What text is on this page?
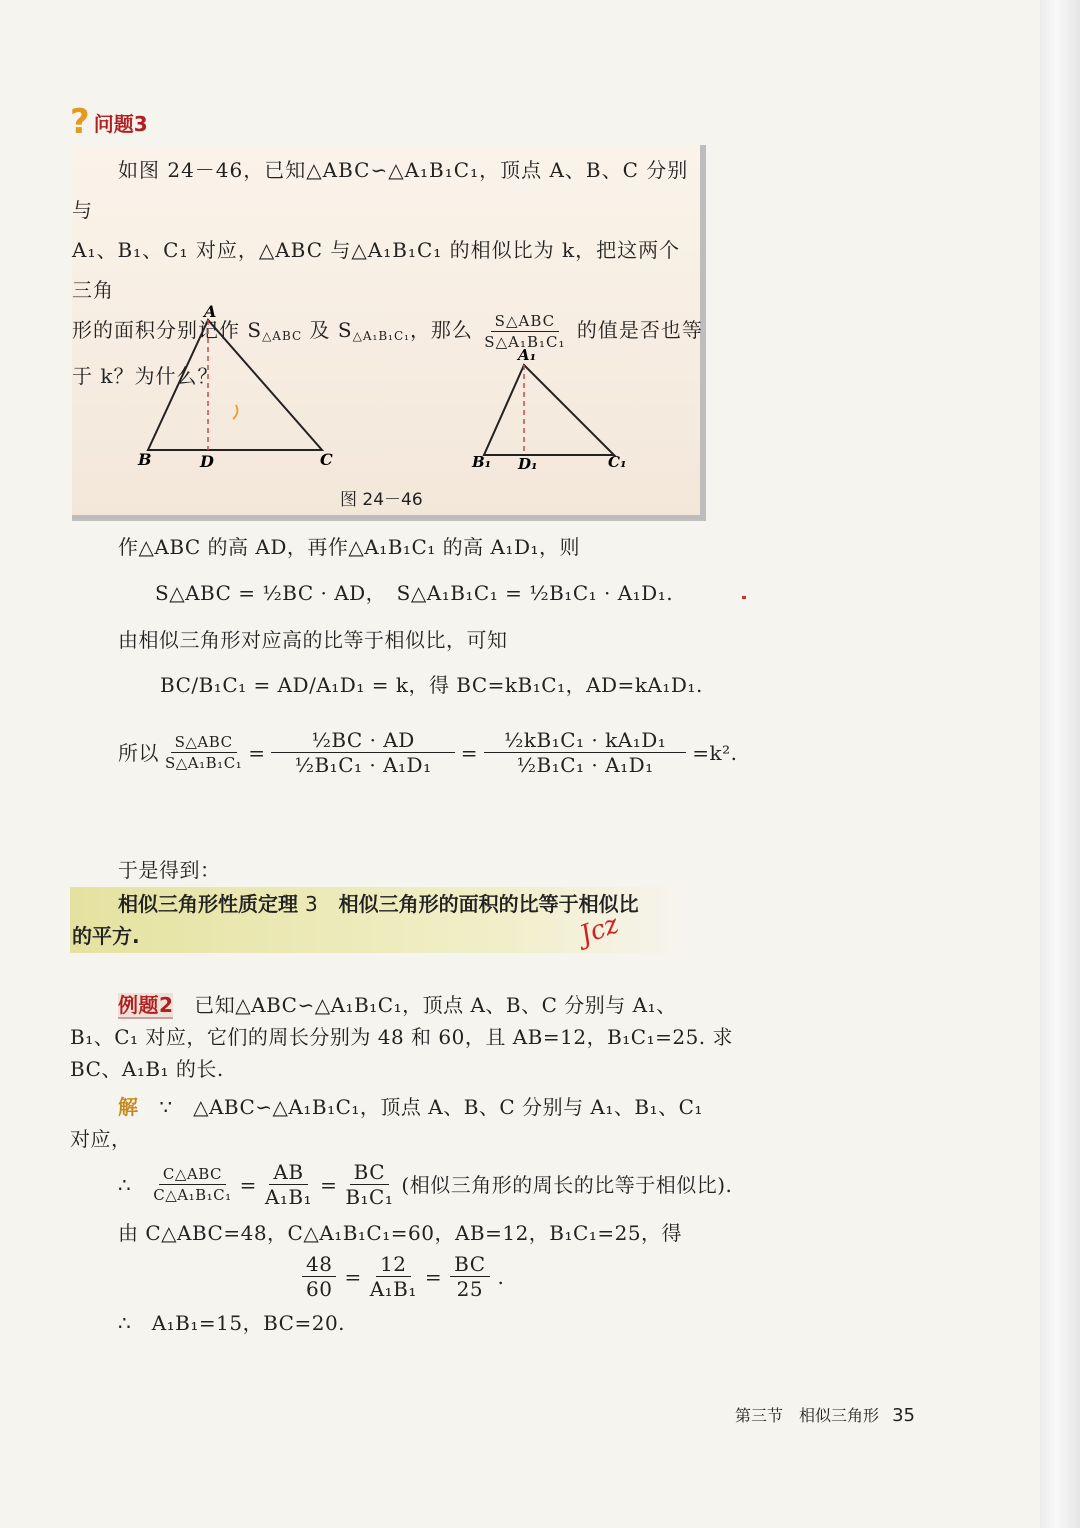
? 问题3
如图 24－46，已知△ABC∽△A₁B₁C₁，顶点 A、B、C 分别与
A₁、B₁、C₁ 对应，△ABC 与△A₁B₁C₁ 的相似比为 k，把这两个三角
形的面积分别记作 $S_{\triangle ABC}$ 及 $S_{\triangle A_1B_1C_1}$，那么 $\frac{\text{S△ABC}}{\text{S△A₁B₁C₁}}$ 的值是否也等
于 k？为什么？
A
B	D	C
A₁
B₁ D₁	C₁
图 24－46
作△ABC 的高 AD，再作△A₁B₁C₁ 的高 A₁D₁，则
S△ABC = ½BC · AD，　S△A₁B₁C₁ = ½B₁C₁ · A₁D₁.
由相似三角形对应高的比等于相似比，可知
BC/B₁C₁ = AD/A₁D₁ = k，得 BC=kB₁C₁，AD=kA₁D₁.
所以 $\frac{\text{S△ABC}}{\text{S△A₁B₁C₁}} = \frac{\text{½BC · AD}}{\text{½B₁C₁ · A₁D₁}} = \frac{\text{½kB₁C₁ · kA₁D₁}}{\text{½B₁C₁ · A₁D₁}} =k^2$.
于是得到：
相似三角形性质定理 3 相似三角形的面积的比等于相似比
的平方.	Jcz
例题2 已知△ABC∽△A₁B₁C₁，顶点 A、B、C 分别与 A₁、
B₁、C₁ 对应，它们的周长分别为 48 和 60，且 AB=12，B₁C₁=25. 求
BC、A₁B₁ 的长.
解 ∵　△ABC∽△A₁B₁C₁，顶点 A、B、C 分别与 A₁、B₁、C₁
对应，
∴ $\frac{\text{C△ABC}}{\text{C△A₁B₁C₁}} = \frac{AB}{\text{A₁B₁}} = \frac{BC}{\text{B₁C₁}}$ (相似三角形的周长的比等于相似比).
由 C△ABC=48，C△A₁B₁C₁=60，AB=12，B₁C₁=25，得
$\frac{48}{60} = \frac{12}{\text{A₁B₁}} = \frac{BC}{25}$ .
∴　A₁B₁=15，BC=20.
第三节　相似三角形 35
